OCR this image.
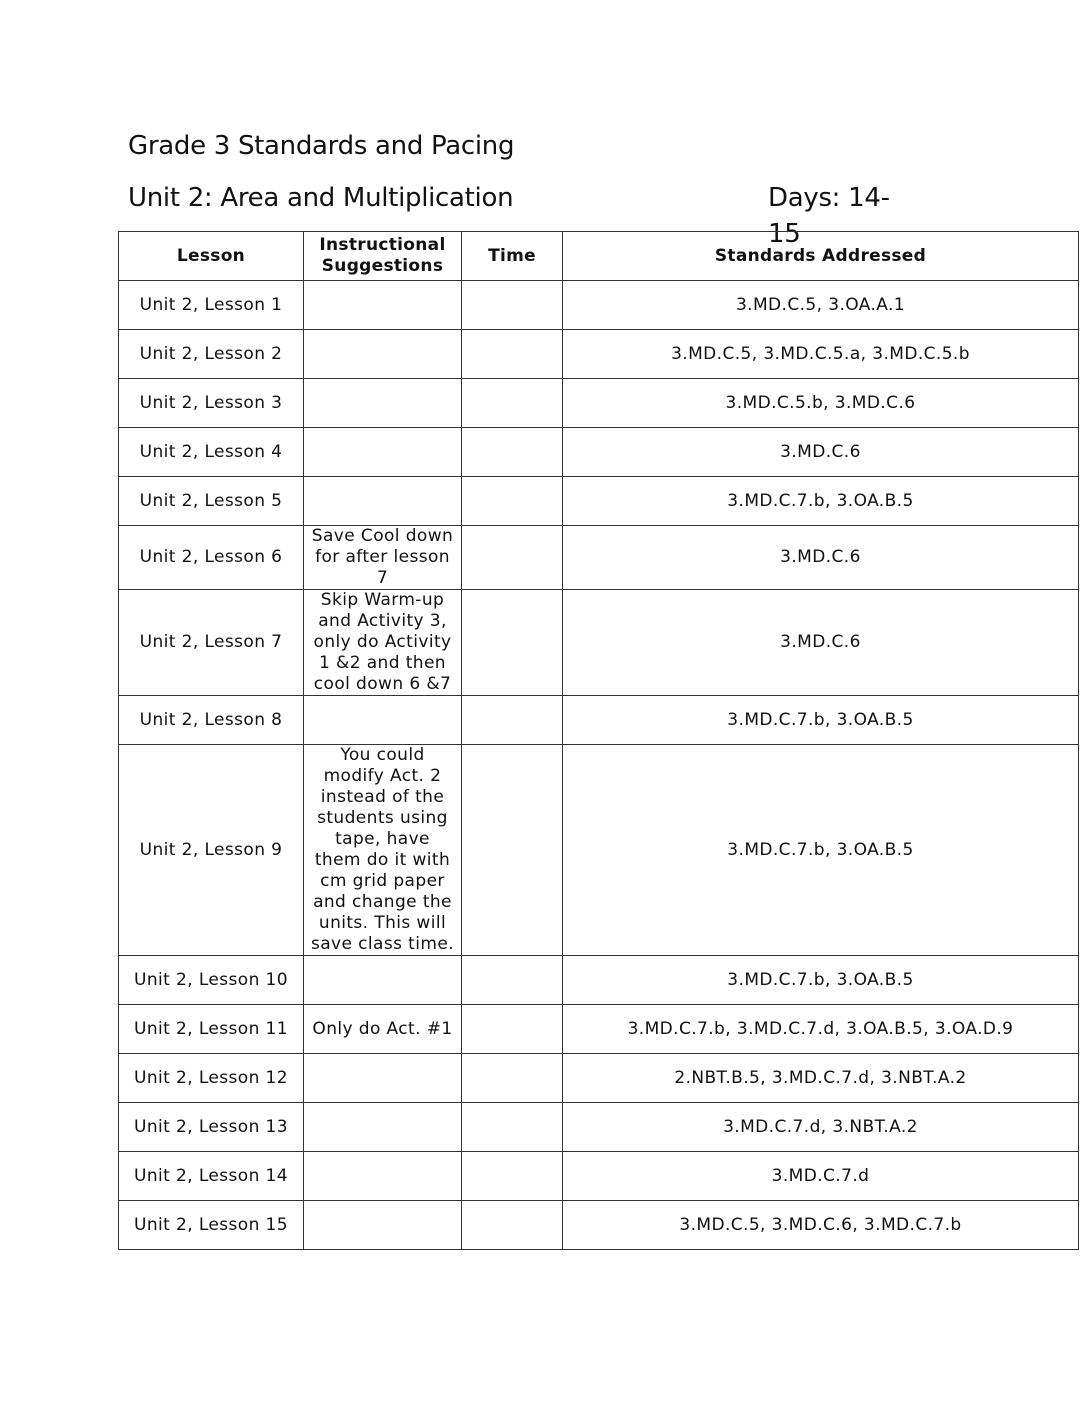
Grade 3 Standards and Pacing
Unit 2: Area and Multiplication	Days: 14-15
Lesson	Instructional Suggestions	Time	Standards Addressed
Unit 2, Lesson 1			3.MD.C.5, 3.OA.A.1
Unit 2, Lesson 2			3.MD.C.5, 3.MD.C.5.a, 3.MD.C.5.b
Unit 2, Lesson 3			3.MD.C.5.b, 3.MD.C.6
Unit 2, Lesson 4			3.MD.C.6
Unit 2, Lesson 5			3.MD.C.7.b, 3.OA.B.5
Unit 2, Lesson 6	Save Cool down for after lesson 7		3.MD.C.6
Unit 2, Lesson 7	Skip Warm-up and Activity 3, only do Activity 1 &2 and then cool down 6 &7		3.MD.C.6
Unit 2, Lesson 8			3.MD.C.7.b, 3.OA.B.5
Unit 2, Lesson 9	You could modify Act. 2 instead of the students using tape, have them do it with cm grid paper and change the units. This will save class time.		3.MD.C.7.b, 3.OA.B.5
Unit 2, Lesson 10			3.MD.C.7.b, 3.OA.B.5
Unit 2, Lesson 11	Only do Act. #1		3.MD.C.7.b, 3.MD.C.7.d, 3.OA.B.5, 3.OA.D.9
Unit 2, Lesson 12			2.NBT.B.5, 3.MD.C.7.d, 3.NBT.A.2
Unit 2, Lesson 13			3.MD.C.7.d, 3.NBT.A.2
Unit 2, Lesson 14			3.MD.C.7.d
Unit 2, Lesson 15			3.MD.C.5, 3.MD.C.6, 3.MD.C.7.b
